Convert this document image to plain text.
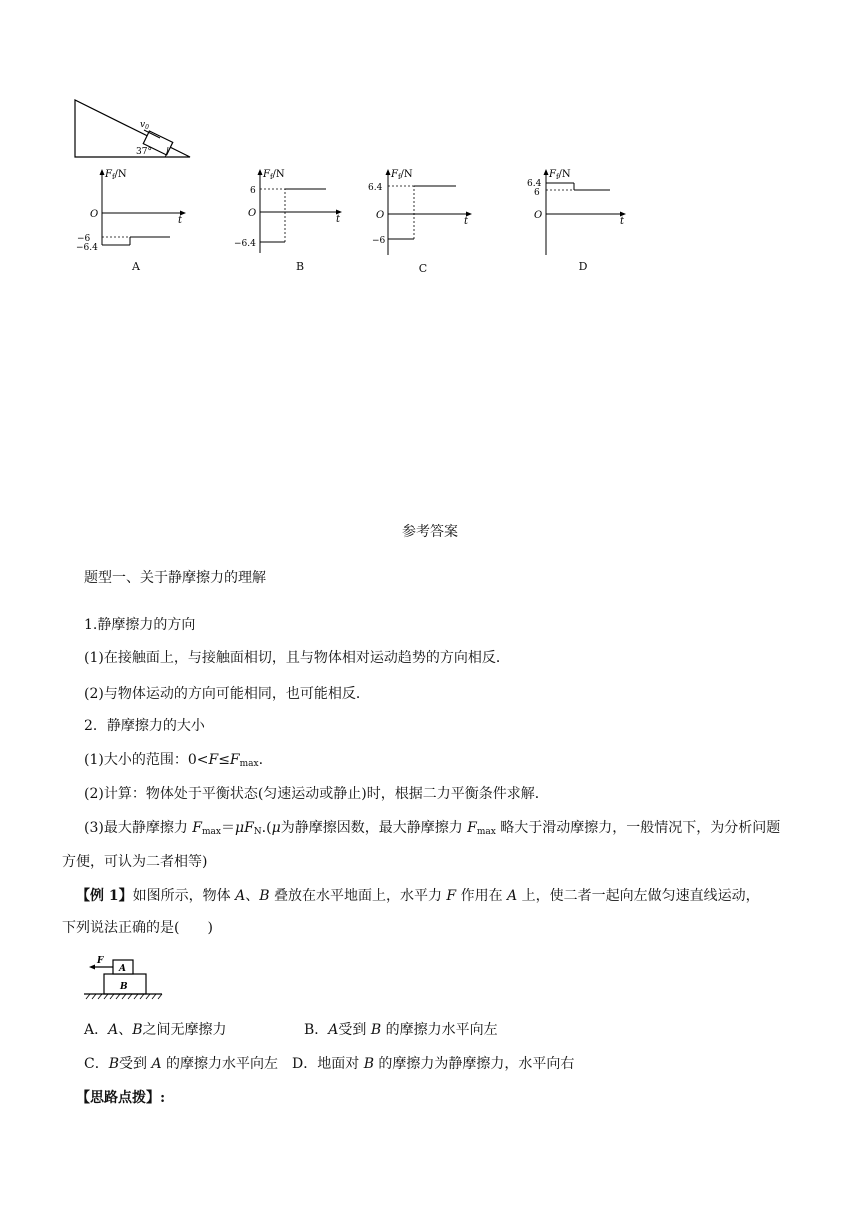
$v_0$
37°
$F_f/N$
O
t
−6
−6.4
A
$F_f/N$
O
t
6
−6.4
B
$F_f/N$
O
t
6.4
−6
C
$F_f/N$
O
t
6.4
6
D
参考答案
题型一、关于静摩擦力的理解
1.静摩擦力的方向
(1)在接触面上，与接触面相切，且与物体相对运动趋势的方向相反．
(2)与物体运动的方向可能相同，也可能相反．
2．静摩擦力的大小
(1)大小的范围：$0<F\le F_{max}$.
(2)计算：物体处于平衡状态(匀速运动或静止)时，根据二力平衡条件求解．
(3)最大静摩擦力 $F_{max}=\mu F_N.(\mu$为静摩擦因数，最大静摩擦力 $F_{max}$ 略大于滑动摩擦力，一般情况下，为分析问题
方便，可认为二者相等)
【例 1】如图所示，物体 A、B 叠放在水平地面上，水平力 F 作用在 A 上，使二者一起向左做匀速直线运动，
下列说法正确的是(　　)
F
A
B
A．A、B之间无摩擦力	B．A受到 B 的摩擦力水平向左
C．B受到 A 的摩擦力水平向左 D．地面对 B 的摩擦力为静摩擦力，水平向右
【思路点拨】:
